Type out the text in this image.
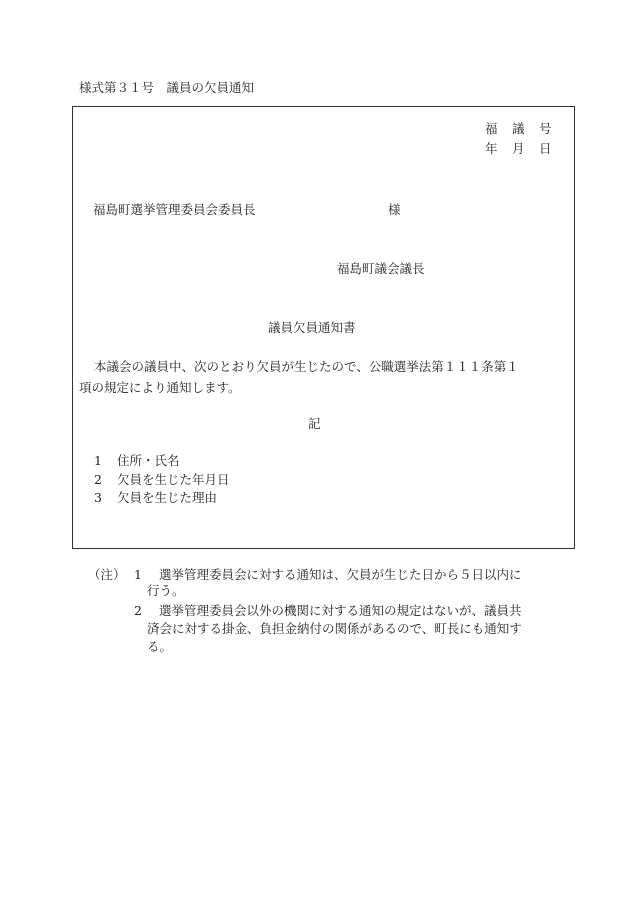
様式第３１号　議員の欠員通知
福	議	号
年	月	日
福島町選挙管理委員会委員長	様
福島町議会議長
議員欠員通知書
本議会の議員中、次のとおり欠員が生じたので、公職選挙法第１１１条第１
項の規定により通知します。
記
1	住所・氏名
2	欠員を生じた年月日
3	欠員を生じた理由
（注） 1 選挙管理委員会に対する通知は、欠員が生じた日から５日以内に
行う。
2 選挙管理委員会以外の機関に対する通知の規定はないが、議員共
済会に対する掛金、負担金納付の関係があるので、町長にも通知す
る。
